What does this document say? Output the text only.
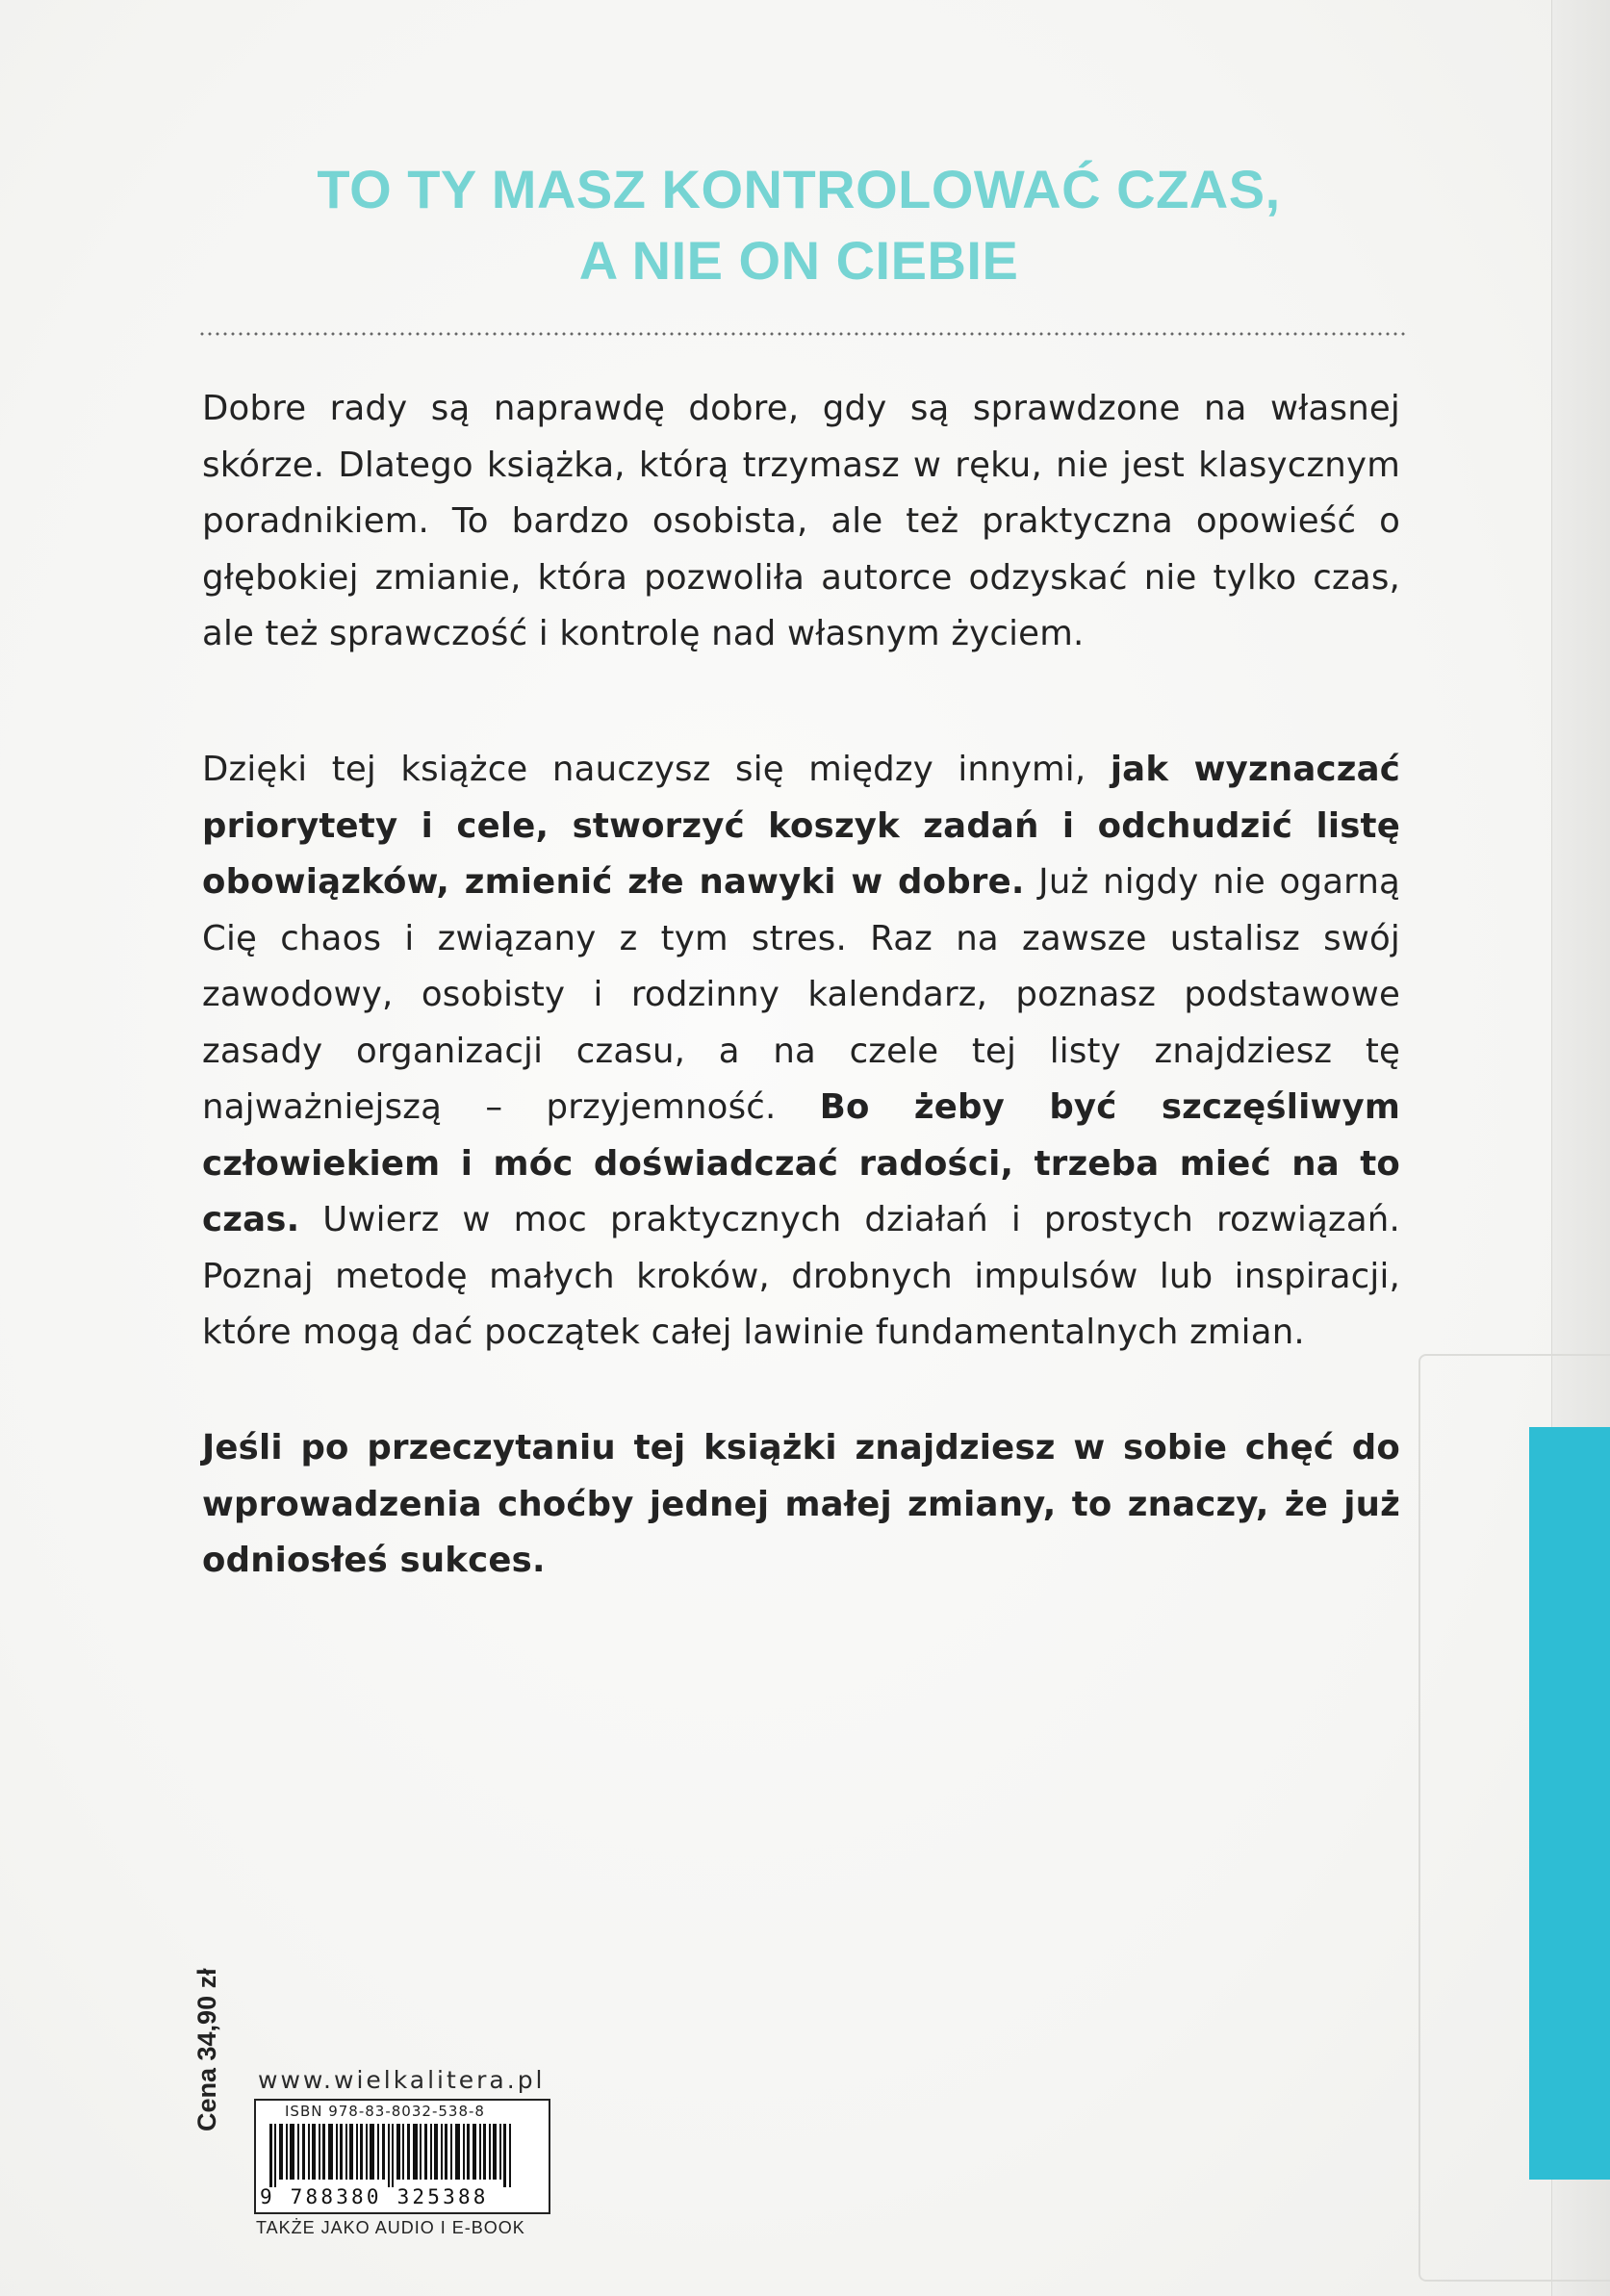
TO TY MASZ KONTROLOWAĆ CZAS,
A NIE ON CIEBIE

Dobre rady są naprawdę dobre, gdy są sprawdzone na własnej skórze. Dlatego książka, którą trzymasz w ręku, nie jest klasycznym poradnikiem. To bardzo osobista, ale też praktyczna opowieść o głębokiej zmianie, która pozwoliła autorce odzyskać nie tylko czas, ale też sprawczość i kontrolę nad własnym życiem.

Dzięki tej książce nauczysz się między innymi, jak wyznaczać priorytety i cele, stworzyć koszyk zadań i odchudzić listę obowiązków, zmienić złe nawyki w dobre. Już nigdy nie ogarną Cię chaos i związany z tym stres. Raz na zawsze ustalisz swój zawodowy, osobisty i rodzinny kalendarz, poznasz podstawowe zasady organizacji czasu, a na czele tej listy znajdziesz tę najważniejszą – przyjemność. Bo żeby być szczęśliwym człowiekiem i móc doświadczać radości, trzeba mieć na to czas. Uwierz w moc praktycznych działań i prostych rozwiązań. Poznaj metodę małych kroków, drobnych impulsów lub inspiracji, które mogą dać początek całej lawinie fundamentalnych zmian.

Jeśli po przeczytaniu tej książki znajdziesz w sobie chęć do wprowadzenia choćby jednej małej zmiany, to znaczy, że już odniosłeś sukces.

Cena 34,90 zł www.wielkalitera.pl
ISBN 978-83-8032-538-8
9 788380 325388
TAKŻE JAKO AUDIO I E-BOOK
